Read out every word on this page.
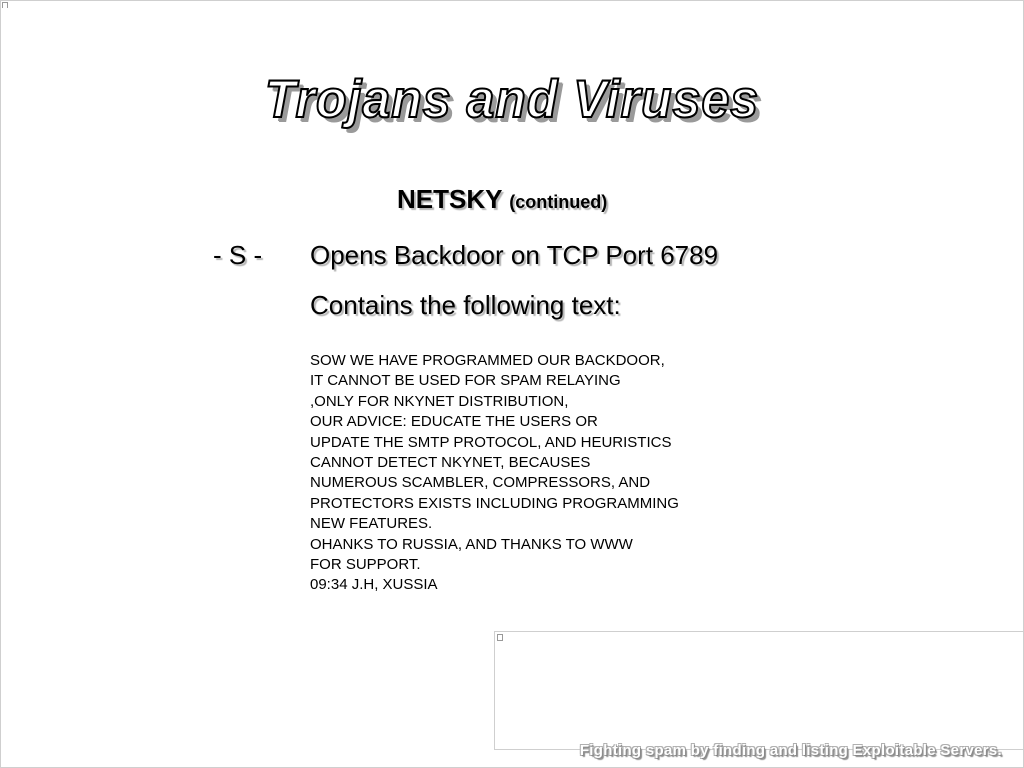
Trojans and Viruses
NETSKY (continued)
- S - Opens Backdoor on TCP Port 6789
Contains the following text:
SOW WE HAVE PROGRAMMED OUR BACKDOOR,
IT CANNOT BE USED FOR SPAM RELAYING
,ONLY FOR NKYNET DISTRIBUTION,
OUR ADVICE: EDUCATE THE USERS OR
UPDATE THE SMTP PROTOCOL, AND HEURISTICS
CANNOT DETECT NKYNET, BECAUSES
NUMEROUS SCAMBLER, COMPRESSORS, AND
PROTECTORS EXISTS INCLUDING PROGRAMMING
NEW FEATURES.
OHANKS TO RUSSIA, AND THANKS TO WWW
FOR SUPPORT.
09:34 J.H, XUSSIA
Fighting spam by finding and listing Exploitable Servers.
